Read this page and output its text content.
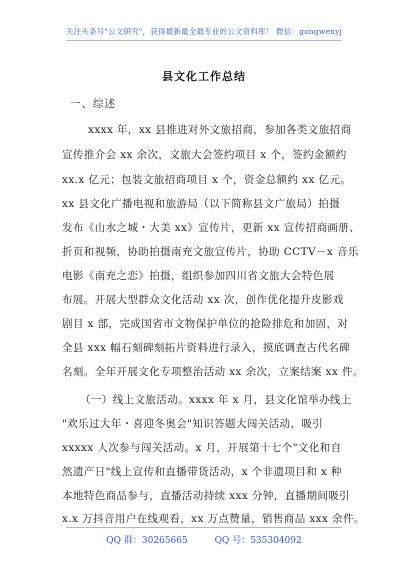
关注头条号"公文研究"，获得最新最全最专业的公文资料库！ 微信：gongwenyj
县文化工作总结
一、综述
xxxx 年，xx 县推进对外文旅招商，参加各类文旅招商
宣传推介会 xx 余次，文旅大会签约项目 x 个，签约金额约
xx.x 亿元；包装文旅招商项目 x 个，资金总额约 xx 亿元。
xx 县文化广播电视和旅游局（以下简称县文广旅局）拍摄
发布《山水之城・大美 xx》宣传片，更新 xx 宣传招商画册、
折页和视频，协助拍摄南充文旅宣传片，协助 CCTV－x 音乐
电影《南充之恋》拍摄，组织参加四川省文旅大会特色展
布展。开展大型群众文化活动 xx 次，创作优化提升皮影戏
剧目 x 部，完成国省市文物保护单位的抢险排危和加固，对
全县 xxx 幅石刻碑刻拓片资料进行录入，摸底调查古代名碑
名刻。全年开展文化专项整治活动 xx 余次，立案结案 xx 件。
（一）线上文旅活动。xxxx 年 x 月，县文化馆举办线上
"欢乐过大年・喜迎冬奥会"知识答题大闯关活动，吸引
xxxxx 人次参与闯关活动。x 月，开展第十七个"文化和自
然遗产日"线上宣传和直播带货活动，x 个非遗项目和 x 种
本地特色商品参与，直播活动持续 xxx 分钟，直播期间吸引
x.x 万抖音用户在线观看，xx 万点赞量，销售商品 xxx 余件。
QQ 群：30265665	QQ 号：535304092
